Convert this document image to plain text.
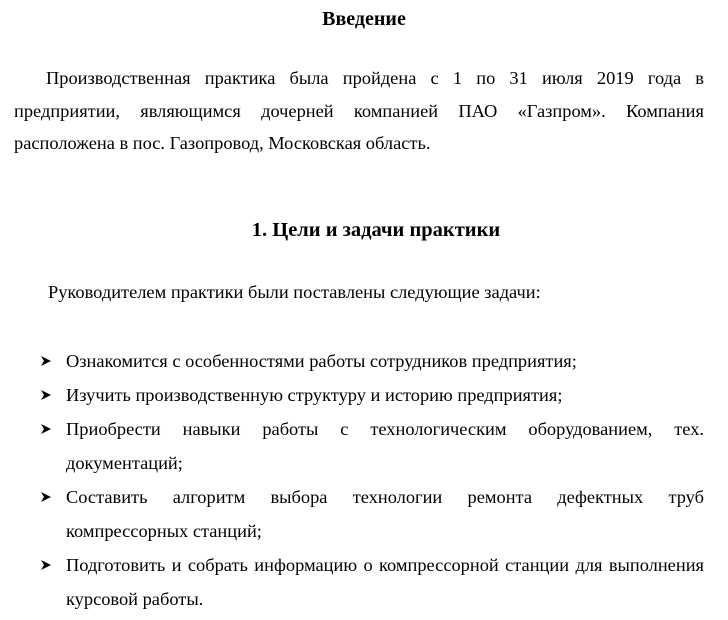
Введение

Производственная практика была пройдена с 1 по 31 июля 2019 года в предприятии, являющимся дочерней компанией ПАО «Газпром». Компания расположена в пос. Газопровод, Московская область.

1. Цели и задачи практики

Руководителем практики были поставлены следующие задачи:

Ознакомится с особенностями работы сотрудников предприятия;
Изучить производственную структуру и историю предприятия;
Приобрести навыки работы с технологическим оборудованием, тех. документаций;
Составить алгоритм выбора технологии ремонта дефектных труб компрессорных станций;
Подготовить и собрать информацию о компрессорной станции для выполнения курсовой работы.
